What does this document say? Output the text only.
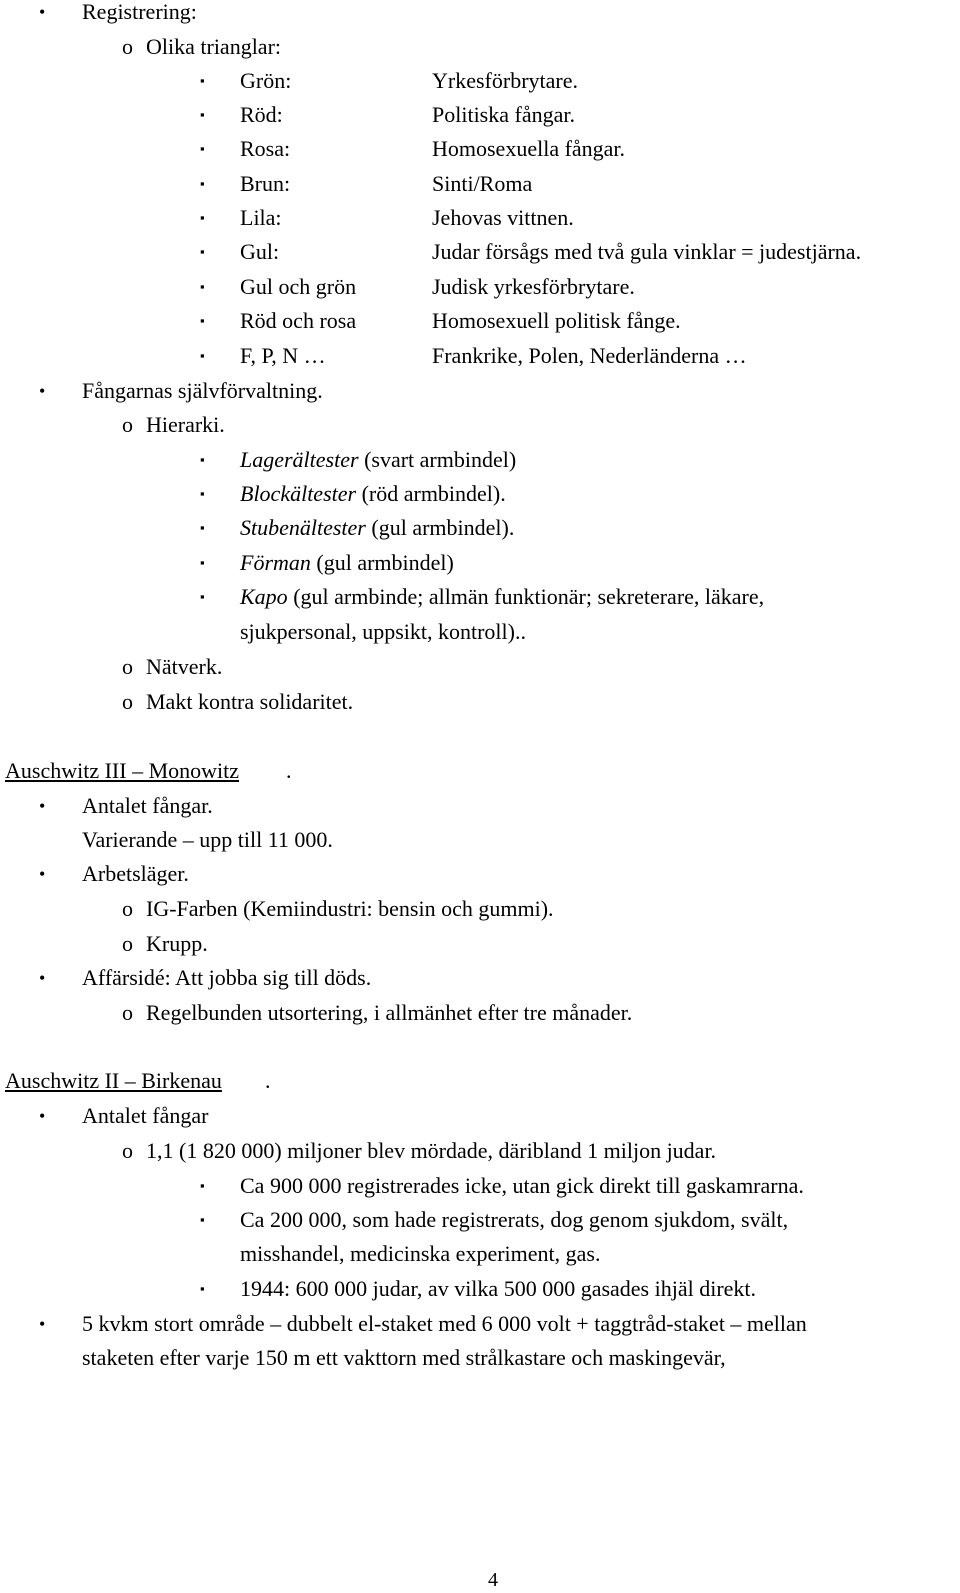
• Registrering:
o Olika trianglar:
▪ Grön:	Yrkesförbrytare.
▪ Röd:	Politiska fångar.
▪ Rosa:	Homosexuella fångar.
▪ Brun:	Sinti/Roma
▪ Lila:	Jehovas vittnen.
▪ Gul:	Judar försågs med två gula vinklar = judestjärna.
▪ Gul och grön	Judisk yrkesförbrytare.
▪ Röd och rosa	Homosexuell politisk fånge.
▪ F, P, N …	Frankrike, Polen, Nederländerna …
• Fångarnas självförvaltning.
o Hierarki.
▪ Lagerältester (svart armbindel)
▪ Blockältester (röd armbindel).
▪ Stubenältester (gul armbindel).
▪ Förman (gul armbindel)
▪ Kapo (gul armbinde; allmän funktionär; sekreterare, läkare,
sjukpersonal, uppsikt, kontroll)..
o Nätverk.
o Makt kontra solidaritet.
Auschwitz III – Monowitz .
• Antalet fångar.
Varierande – upp till 11 000.
• Arbetsläger.
o IG-Farben (Kemiindustri: bensin och gummi).
o Krupp.
• Affärsidé: Att jobba sig till döds.
o Regelbunden utsortering, i allmänhet efter tre månader.
Auschwitz II – Birkenau .
• Antalet fångar
o 1,1 (1 820 000) miljoner blev mördade, däribland 1 miljon judar.
▪ Ca 900 000 registrerades icke, utan gick direkt till gaskamrarna.
▪ Ca 200 000, som hade registrerats, dog genom sjukdom, svält,
misshandel, medicinska experiment, gas.
▪ 1944: 600 000 judar, av vilka 500 000 gasades ihjäl direkt.
• 5 kvkm stort område – dubbelt el-staket med 6 000 volt + taggtråd-staket – mellan
staketen efter varje 150 m ett vakttorn med strålkastare och maskingevär,
4
